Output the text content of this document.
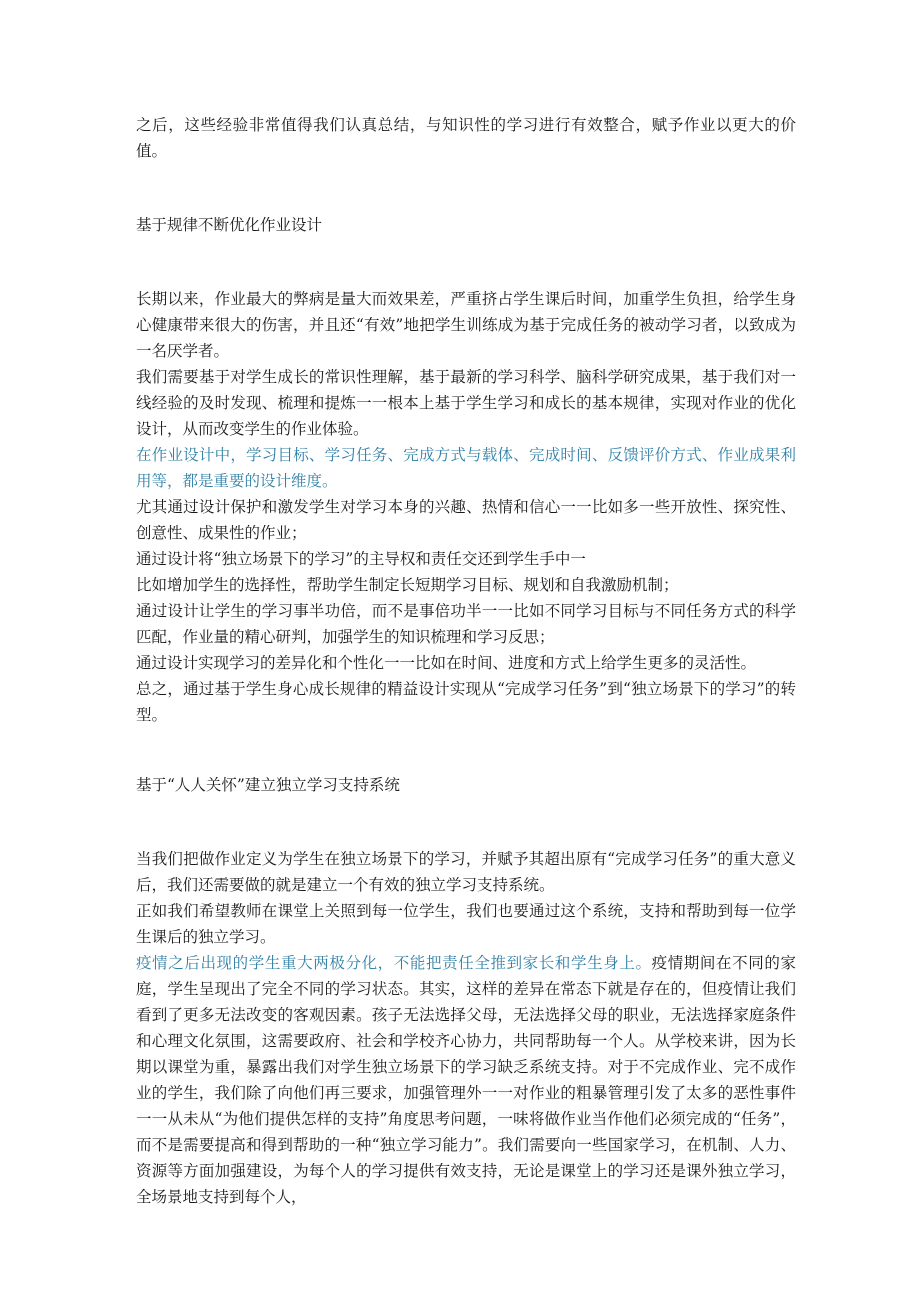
之后，这些经验非常值得我们认真总结，与知识性的学习进行有效整合，赋予作业以更大的价值。

基于规律不断优化作业设计

长期以来，作业最大的弊病是量大而效果差，严重挤占学生课后时间，加重学生负担，给学生身心健康带来很大的伤害，并且还“有效”地把学生训练成为基于完成任务的被动学习者，以致成为一名厌学者。

我们需要基于对学生成长的常识性理解，基于最新的学习科学、脑科学研究成果，基于我们对一线经验的及时发现、梳理和提炼一一根本上基于学生学习和成长的基本规律，实现对作业的优化设计，从而改变学生的作业体验。

在作业设计中，学习目标、学习任务、完成方式与载体、完成时间、反馈评价方式、作业成果利用等，都是重要的设计维度。

尤其通过设计保护和激发学生对学习本身的兴趣、热情和信心一一比如多一些开放性、探究性、创意性、成果性的作业；

通过设计将“独立场景下的学习”的主导权和责任交还到学生手中一

比如增加学生的选择性，帮助学生制定长短期学习目标、规划和自我激励机制；

通过设计让学生的学习事半功倍，而不是事倍功半一一比如不同学习目标与不同任务方式的科学匹配，作业量的精心研判，加强学生的知识梳理和学习反思；

通过设计实现学习的差异化和个性化一一比如在时间、进度和方式上给学生更多的灵活性。

总之，通过基于学生身心成长规律的精益设计实现从“完成学习任务”到“独立场景下的学习”的转型。

基于“人人关怀”建立独立学习支持系统

当我们把做作业定义为学生在独立场景下的学习，并赋予其超出原有“完成学习任务”的重大意义后，我们还需要做的就是建立一个有效的独立学习支持系统。

正如我们希望教师在课堂上关照到每一位学生，我们也要通过这个系统，支持和帮助到每一位学生课后的独立学习。

疫情之后出现的学生重大两极分化，不能把责任全推到家长和学生身上。疫情期间在不同的家庭，学生呈现出了完全不同的学习状态。其实，这样的差异在常态下就是存在的，但疫情让我们看到了更多无法改变的客观因素。孩子无法选择父母，无法选择父母的职业，无法选择家庭条件和心理文化氛围，这需要政府、社会和学校齐心协力，共同帮助每一个人。从学校来讲，因为长期以课堂为重，暴露出我们对学生独立场景下的学习缺乏系统支持。对于不完成作业、完不成作业的学生，我们除了向他们再三要求，加强管理外一一对作业的粗暴管理引发了太多的恶性事件一一从未从“为他们提供怎样的支持”角度思考问题，一味将做作业当作他们必须完成的“任务”，而不是需要提高和得到帮助的一种“独立学习能力”。我们需要向一些国家学习，在机制、人力、资源等方面加强建设，为每个人的学习提供有效支持，无论是课堂上的学习还是课外独立学习，全场景地支持到每个人，
